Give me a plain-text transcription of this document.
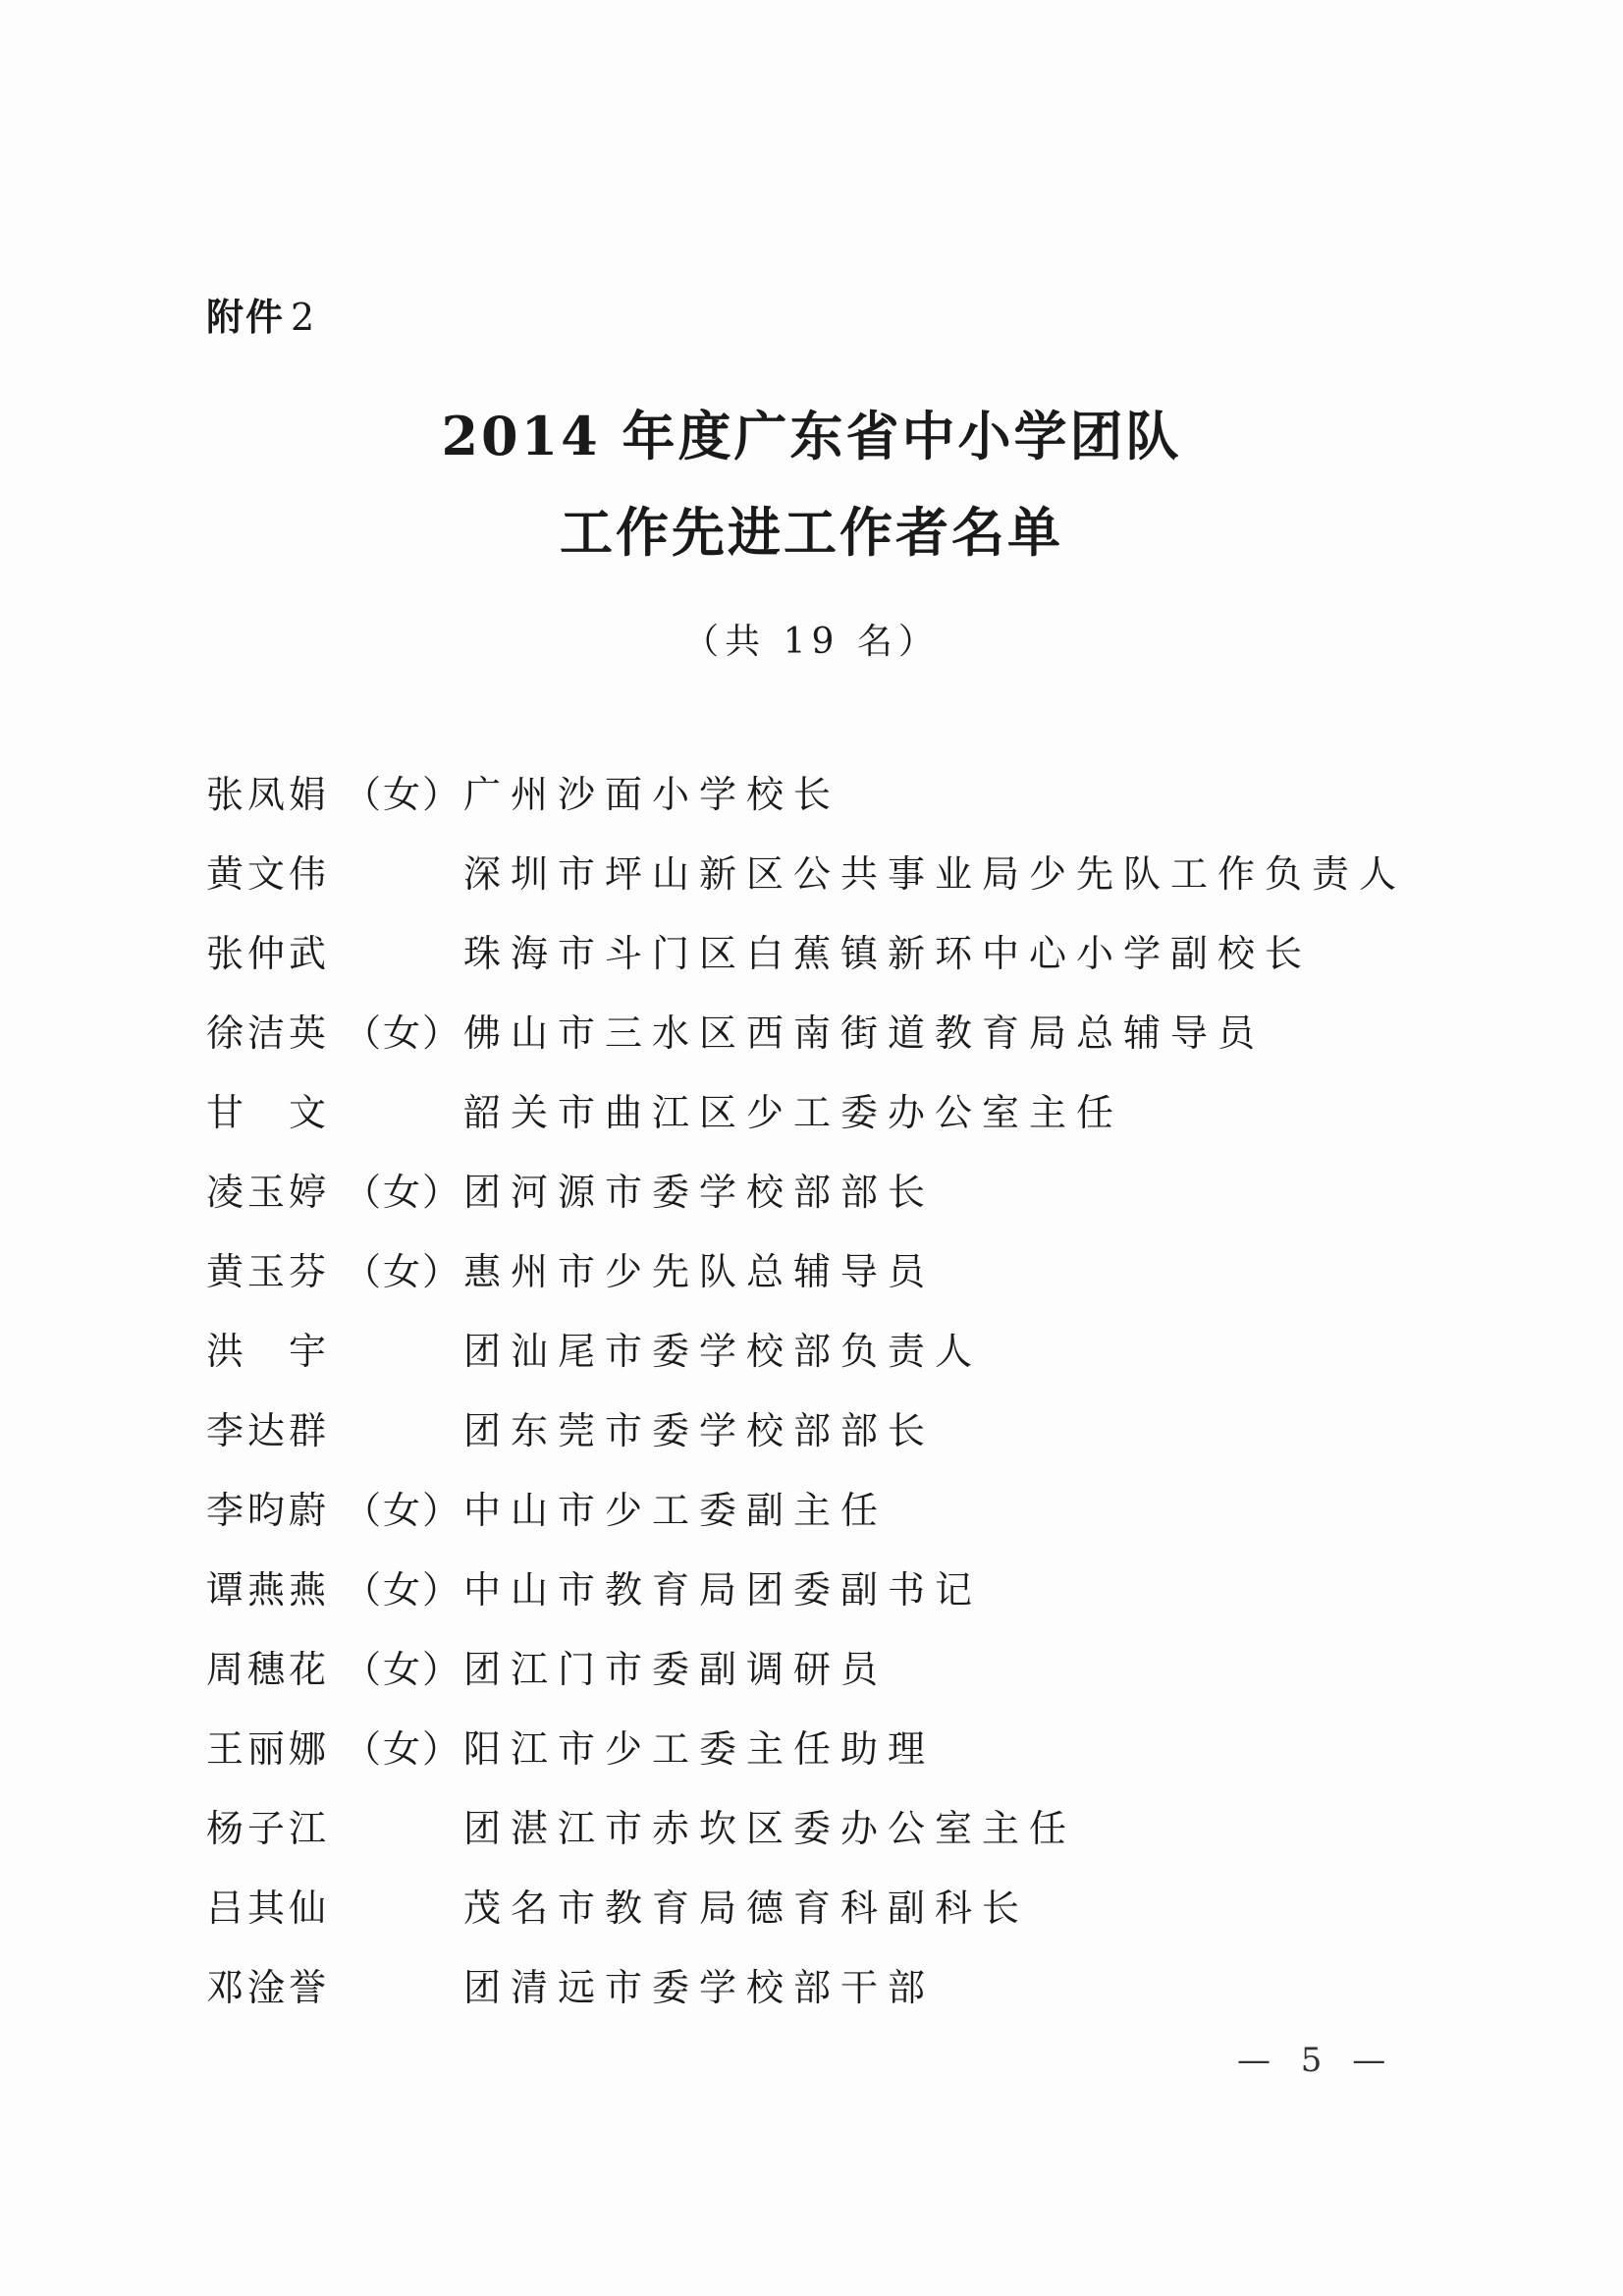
附件 2
2014 年度广东省中小学团队
工作先进工作者名单
（共 19 名）
张凤娟 （女） 广州沙面小学校长
黄文伟	深圳市坪山新区公共事业局少先队工作负责人
张仲武	珠海市斗门区白蕉镇新环中心小学副校长
徐洁英 （女） 佛山市三水区西南街道教育局总辅导员
甘　文	韶关市曲江区少工委办公室主任
凌玉婷 （女） 团河源市委学校部部长
黄玉芬 （女） 惠州市少先队总辅导员
洪　宇	团汕尾市委学校部负责人
李达群	团东莞市委学校部部长
李昀蔚 （女） 中山市少工委副主任
谭燕燕 （女） 中山市教育局团委副书记
周穗花 （女） 团江门市委副调研员
王丽娜 （女） 阳江市少工委主任助理
杨子江	团湛江市赤坎区委办公室主任
吕其仙	茂名市教育局德育科副科长
邓淦誉	团清远市委学校部干部
— 5 —
